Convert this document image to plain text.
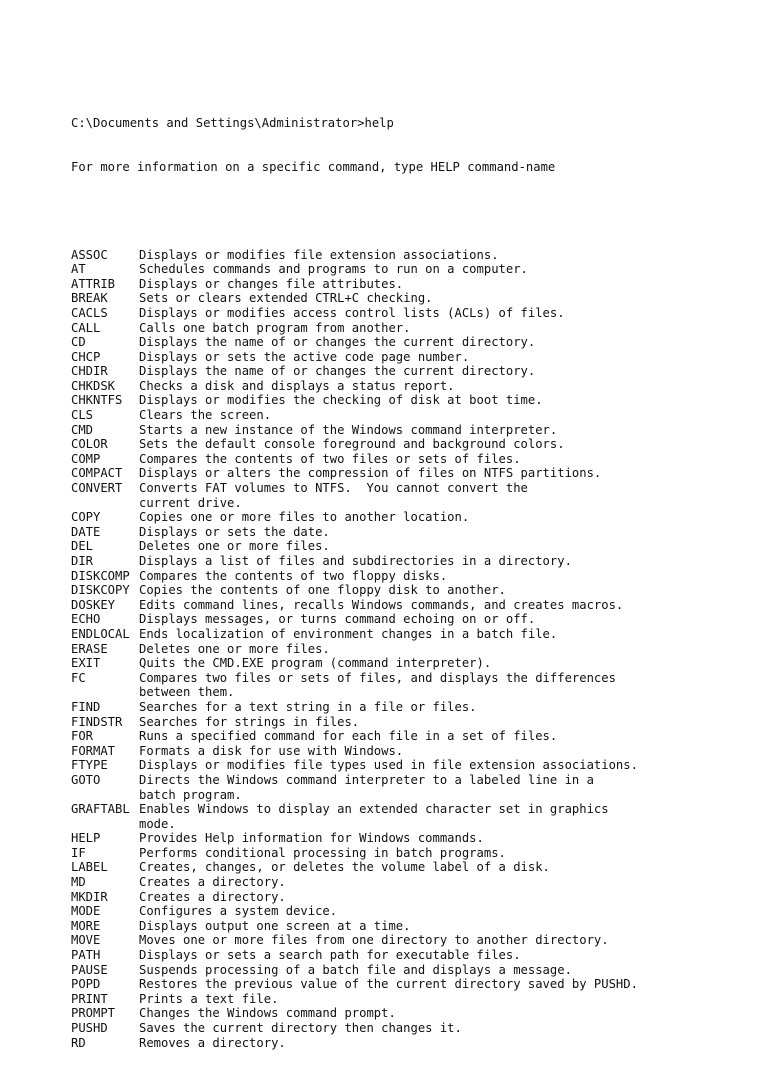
C:\Documents and Settings\Administrator>help

For more information on a specific command, type HELP command-name

ASSOC	Displays or modifies file extension associations.
AT	Schedules commands and programs to run on a computer.
ATTRIB	Displays or changes file attributes.
BREAK	Sets or clears extended CTRL+C checking.
CACLS	Displays or modifies access control lists (ACLs) of files.
CALL	Calls one batch program from another.
CD	Displays the name of or changes the current directory.
CHCP	Displays or sets the active code page number.
CHDIR	Displays the name of or changes the current directory.
CHKDSK	Checks a disk and displays a status report.
CHKNTFS	Displays or modifies the checking of disk at boot time.
CLS	Clears the screen.
CMD	Starts a new instance of the Windows command interpreter.
COLOR	Sets the default console foreground and background colors.
COMP	Compares the contents of two files or sets of files.
COMPACT	Displays or alters the compression of files on NTFS partitions.
CONVERT	Converts FAT volumes to NTFS.  You cannot convert the
current drive.
COPY	Copies one or more files to another location.
DATE	Displays or sets the date.
DEL	Deletes one or more files.
DIR	Displays a list of files and subdirectories in a directory.
DISKCOMP Compares the contents of two floppy disks.
DISKCOPY Copies the contents of one floppy disk to another.
DOSKEY	Edits command lines, recalls Windows commands, and creates macros.
ECHO	Displays messages, or turns command echoing on or off.
ENDLOCAL Ends localization of environment changes in a batch file.
ERASE	Deletes one or more files.
EXIT	Quits the CMD.EXE program (command interpreter).
FC	Compares two files or sets of files, and displays the differences
between them.
FIND	Searches for a text string in a file or files.
FINDSTR	Searches for strings in files.
FOR	Runs a specified command for each file in a set of files.
FORMAT	Formats a disk for use with Windows.
FTYPE	Displays or modifies file types used in file extension associations.
GOTO	Directs the Windows command interpreter to a labeled line in a
batch program.
GRAFTABL Enables Windows to display an extended character set in graphics
mode.
HELP	Provides Help information for Windows commands.
IF	Performs conditional processing in batch programs.
LABEL	Creates, changes, or deletes the volume label of a disk.
MD	Creates a directory.
MKDIR	Creates a directory.
MODE	Configures a system device.
MORE	Displays output one screen at a time.
MOVE	Moves one or more files from one directory to another directory.
PATH	Displays or sets a search path for executable files.
PAUSE	Suspends processing of a batch file and displays a message.
POPD	Restores the previous value of the current directory saved by PUSHD.
PRINT	Prints a text file.
PROMPT	Changes the Windows command prompt.
PUSHD	Saves the current directory then changes it.
RD	Removes a directory.
